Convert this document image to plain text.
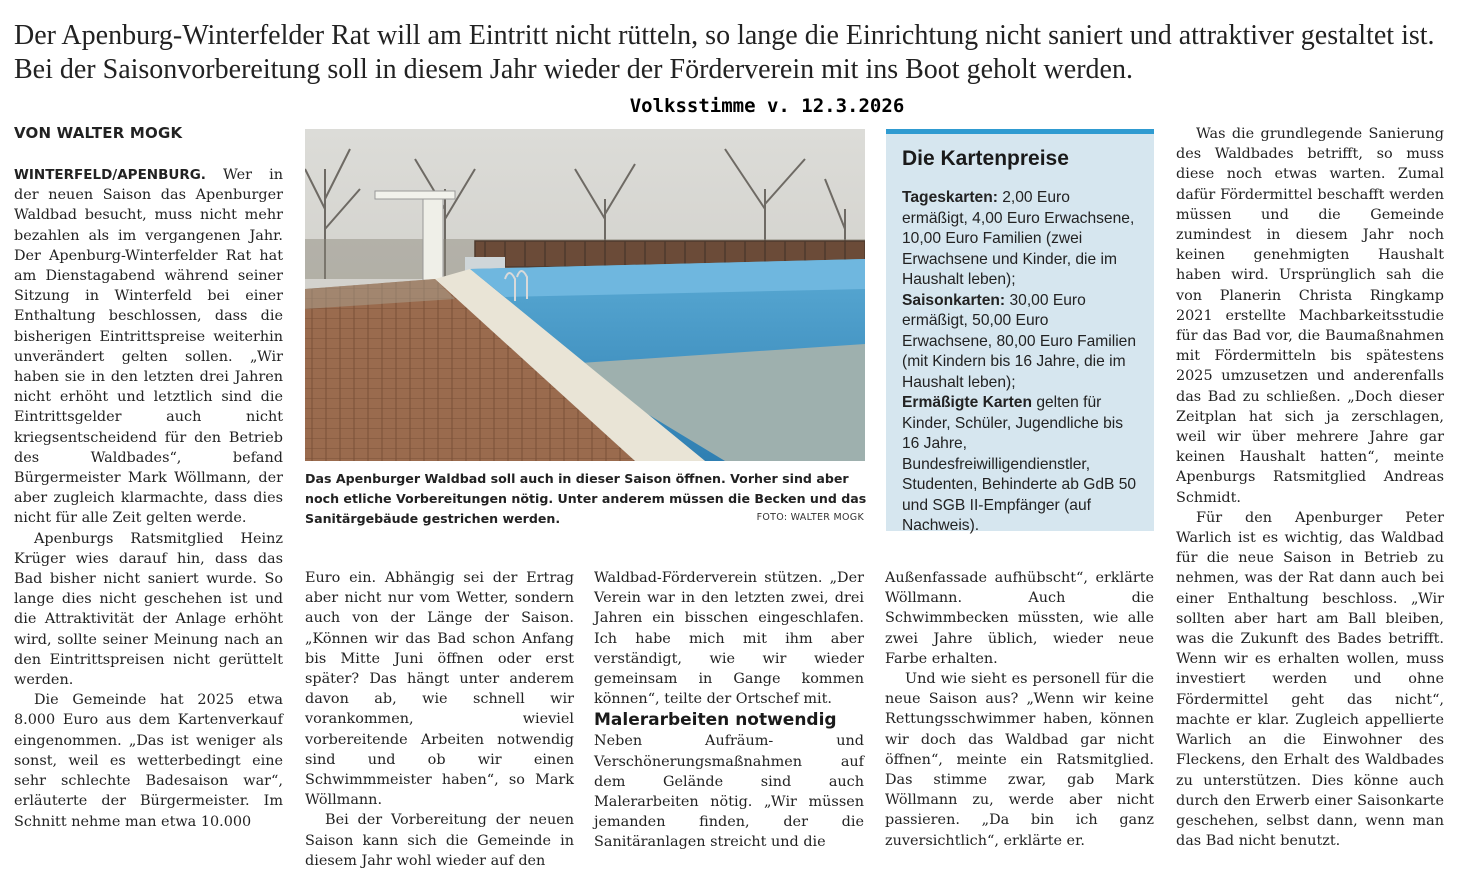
Der Apenburg-Winterfelder Rat will am Eintritt nicht rütteln, so lange die Einrichtung nicht saniert und attraktiver gestaltet ist. Bei der Saisonvorbereitung soll in diesem Jahr wieder der Förderverein mit ins Boot geholt werden.
Volksstimme v. 12.3.2026
VON WALTER MOGK

WINTERFELD/APENBURG. Wer in der neuen Saison das Apenburger Waldbad besucht, muss nicht mehr bezahlen als im vergangenen Jahr. Der Apenburg-Winterfelder Rat hat am Dienstagabend während seiner Sitzung in Winterfeld bei einer Enthaltung beschlossen, dass die bisherigen Eintrittspreise weiterhin unverändert gelten sollen. „Wir haben sie in den letzten drei Jahren nicht erhöht und letztlich sind die Eintrittsgelder auch nicht kriegsentscheidend für den Betrieb des Waldbades“, befand Bürgermeister Mark Wöllmann, der aber zugleich klarmachte, dass dies nicht für alle Zeit gelten werde.

Apenburgs Ratsmitglied Heinz Krüger wies darauf hin, dass das Bad bisher nicht saniert wurde. So lange dies nicht geschehen ist und die Attraktivität der Anlage erhöht wird, sollte seiner Meinung nach an den Eintrittspreisen nicht gerüttelt werden.

Die Gemeinde hat 2025 etwa 8.000 Euro aus dem Kartenverkauf eingenommen. „Das ist weniger als sonst, weil es wetterbedingt eine sehr schlechte Badesaison war“, erläuterte der Bürgermeister. Im Schnitt nehme man etwa 10.000

Das Apenburger Waldbad soll auch in dieser Saison öffnen. Vorher sind aber noch etliche Vorbereitungen nötig. Unter anderem müssen die Becken und das Sanitärgebäude gestrichen werden.	FOTO: WALTER MOGK
Die Kartenpreise

Tageskarten: 2,00 Euro ermäßigt, 4,00 Euro Erwachsene, 10,00 Euro Familien (zwei Erwachsene und Kinder, die im Haushalt leben);

Saisonkarten: 30,00 Euro ermäßigt, 50,00 Euro Erwachsene, 80,00 Euro Familien (mit Kindern bis 16 Jahre, die im Haushalt leben);

Ermäßigte Karten gelten für Kinder, Schüler, Jugendliche bis 16 Jahre, Bundesfreiwilligendienstler, Studenten, Behinderte ab GdB 50 und SGB II-Empfänger (auf Nachweis).

Euro ein. Abhängig sei der Ertrag aber nicht nur vom Wetter, sondern auch von der Länge der Saison. „Können wir das Bad schon Anfang bis Mitte Juni öffnen oder erst später? Das hängt unter anderem davon ab, wie schnell wir vorankommen, wieviel vorbereitende Arbeiten notwendig sind und ob wir einen Schwimmmeister haben“, so Mark Wöllmann.

Bei der Vorbereitung der neuen Saison kann sich die Gemeinde in diesem Jahr wohl wieder auf den

Waldbad-Förderverein stützen. „Der Verein war in den letzten zwei, drei Jahren ein bisschen eingeschlafen. Ich habe mich mit ihm aber verständigt, wie wir wieder gemeinsam in Gange kommen können“, teilte der Ortschef mit.

Malerarbeiten notwendig

Neben Aufräum- und Verschönerungsmaßnahmen auf dem Gelände sind auch Malerarbeiten nötig. „Wir müssen jemanden finden, der die Sanitäranlagen streicht und die

Außenfassade aufhübscht“, erklärte Wöllmann. Auch die Schwimmbecken müssten, wie alle zwei Jahre üblich, wieder neue Farbe erhalten.

Und wie sieht es personell für die neue Saison aus? „Wenn wir keine Rettungsschwimmer haben, können wir doch das Waldbad gar nicht öffnen“, meinte ein Ratsmitglied. Das stimme zwar, gab Mark Wöllmann zu, werde aber nicht passieren. „Da bin ich ganz zuversichtlich“, erklärte er.

Was die grundlegende Sanierung des Waldbades betrifft, so muss diese noch etwas warten. Zumal dafür Fördermittel beschafft werden müssen und die Gemeinde zumindest in diesem Jahr noch keinen genehmigten Haushalt haben wird. Ursprünglich sah die von Planerin Christa Ringkamp 2021 erstellte Machbarkeitsstudie für das Bad vor, die Baumaßnahmen mit Fördermitteln bis spätestens 2025 umzusetzen und anderenfalls das Bad zu schließen. „Doch dieser Zeitplan hat sich ja zerschlagen, weil wir über mehrere Jahre gar keinen Haushalt hatten“, meinte Apenburgs Ratsmitglied Andreas Schmidt.

Für den Apenburger Peter Warlich ist es wichtig, das Waldbad für die neue Saison in Betrieb zu nehmen, was der Rat dann auch bei einer Enthaltung beschloss. „Wir sollten aber hart am Ball bleiben, was die Zukunft des Bades betrifft. Wenn wir es erhalten wollen, muss investiert werden und ohne Fördermittel geht das nicht“, machte er klar. Zugleich appellierte Warlich an die Einwohner des Fleckens, den Erhalt des Waldbades zu unterstützen. Dies könne auch durch den Erwerb einer Saisonkarte geschehen, selbst dann, wenn man das Bad nicht benutzt.
